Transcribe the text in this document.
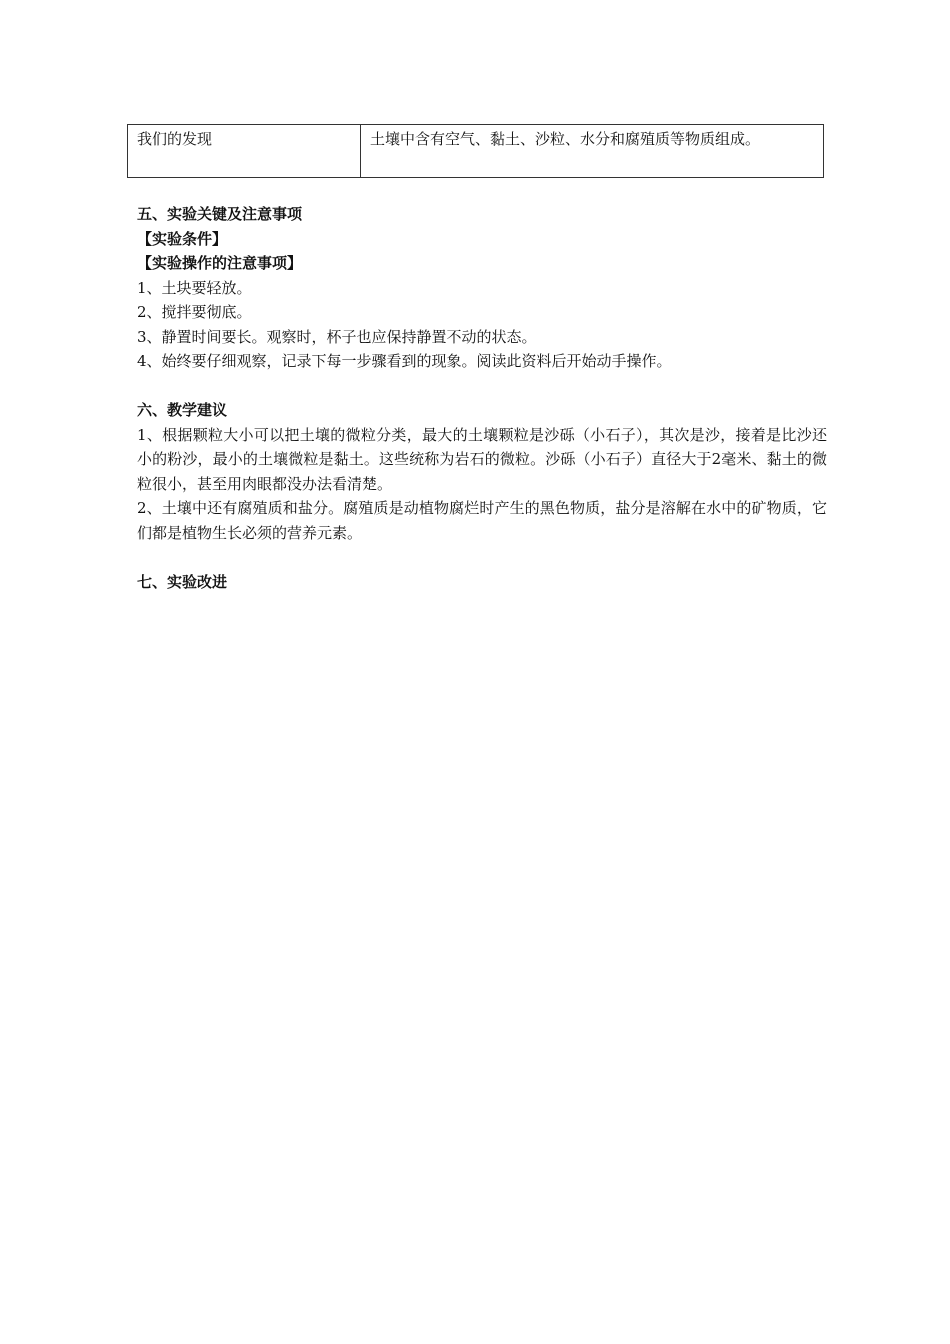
我们的发现	土壤中含有空气、黏土、沙粒、水分和腐殖质等物质组成。
五、实验关键及注意事项
【实验条件】
【实验操作的注意事项】
1、土块要轻放。
2、搅拌要彻底。
3、静置时间要长。观察时，杯子也应保持静置不动的状态。
4、始终要仔细观察，记录下每一步骤看到的现象。阅读此资料后开始动手操作。
六、教学建议

1、根据颗粒大小可以把土壤的微粒分类，最大的土壤颗粒是沙砾（小石子），其次是沙，接着是比沙还小的粉沙，最小的土壤微粒是黏土。这些统称为岩石的微粒。沙砾（小石子）直径大于2毫米、黏土的微粒很小，甚至用肉眼都没办法看清楚。

2、土壤中还有腐殖质和盐分。腐殖质是动植物腐烂时产生的黑色物质，盐分是溶解在水中的矿物质，它们都是植物生长必须的营养元素。

七、实验改进
